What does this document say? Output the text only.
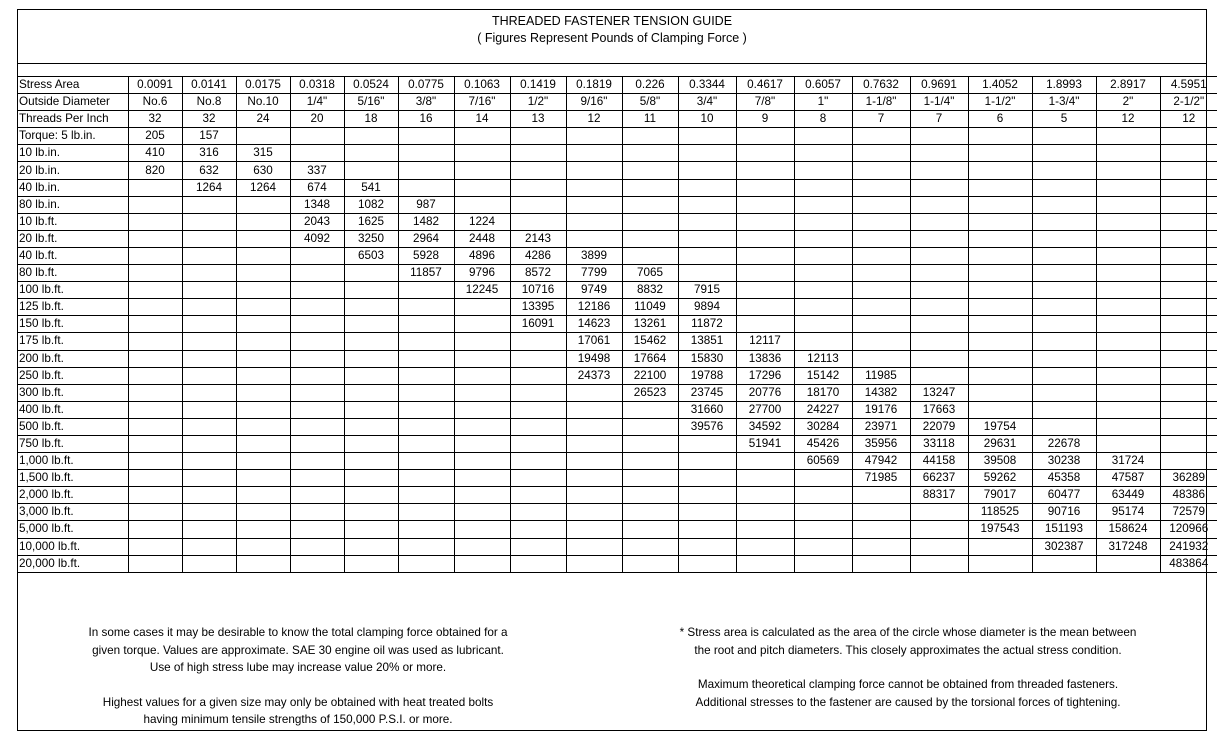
THREADED FASTENER TENSION GUIDE
( Figures Represent Pounds of Clamping Force )
Stress Area	0.0091	0.0141	0.0175	0.0318	0.0524	0.0775	0.1063	0.1419	0.1819	0.226	0.3344	0.4617	0.6057	0.7632	0.9691	1.4052	1.8993	2.8917	4.5951
Outside Diameter	No.6	No.8	No.10	1/4"	5/16"	3/8"	7/16"	1/2"	9/16"	5/8"	3/4"	7/8"	1"	1-1/8"	1-1/4"	1-1/2"	1-3/4"	2"	2-1/2"
Threads Per Inch	32	32	24	20	18	16	14	13	12	11	10	9	8	7	7	6	5	12	12
Torque: 5 lb.in.	205	157																	
10 lb.in.	410	316	315																
20 lb.in.	820	632	630	337															
40 lb.in.		1264	1264	674	541														
80 lb.in.				1348	1082	987													
10 lb.ft.				2043	1625	1482	1224												
20 lb.ft.				4092	3250	2964	2448	2143											
40 lb.ft.					6503	5928	4896	4286	3899										
80 lb.ft.						11857	9796	8572	7799	7065									
100 lb.ft.							12245	10716	9749	8832	7915								
125 lb.ft.								13395	12186	11049	9894								
150 lb.ft.								16091	14623	13261	11872								
175 lb.ft.									17061	15462	13851	12117							
200 lb.ft.									19498	17664	15830	13836	12113						
250 lb.ft.									24373	22100	19788	17296	15142	11985					
300 lb.ft.										26523	23745	20776	18170	14382	13247				
400 lb.ft.											31660	27700	24227	19176	17663				
500 lb.ft.											39576	34592	30284	23971	22079	19754			
750 lb.ft.												51941	45426	35956	33118	29631	22678		
1,000 lb.ft.													60569	47942	44158	39508	30238	31724	
1,500 lb.ft.														71985	66237	59262	45358	47587	36289
2,000 lb.ft.															88317	79017	60477	63449	48386
3,000 lb.ft.																118525	90716	95174	72579
5,000 lb.ft.																197543	151193	158624	120966
10,000 lb.ft.																	302387	317248	241932
20,000 lb.ft.																			483864
In some cases it may be desirable to know the total clamping force obtained for a
given torque. Values are approximate. SAE 30 engine oil was used as lubricant.
Use of high stress lube may increase value 20% or more.
Highest values for a given size may only be obtained with heat treated bolts
having minimum tensile strengths of 150,000 P.S.I. or more.
* Stress area is calculated as the area of the circle whose diameter is the mean between
the root and pitch diameters. This closely approximates the actual stress condition.
Maximum theoretical clamping force cannot be obtained from threaded fasteners.
Additional stresses to the fastener are caused by the torsional forces of tightening.
